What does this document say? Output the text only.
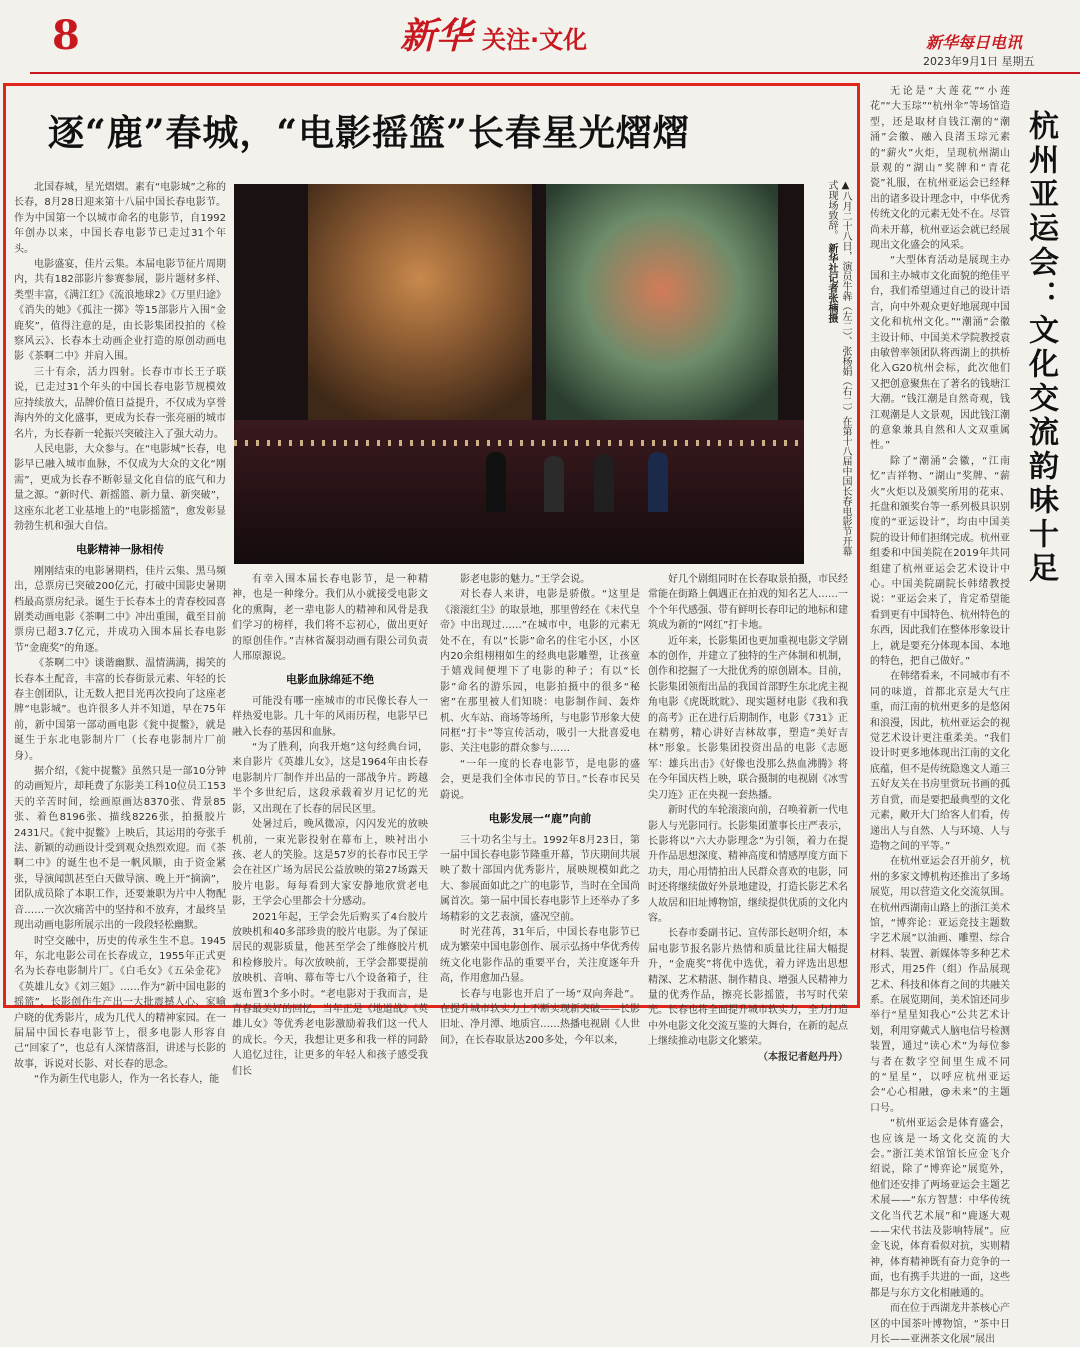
8	新华 关注·文化	新华每日电讯
2023年9月1日 星期五
逐“鹿”春城，“电影摇篮”长春星光熠熠

北国春城，星光熠熠。素有“电影城”之称的长春，8月28日迎来第十八届中国长春电影节。作为中国第一个以城市命名的电影节，自1992年创办以来，中国长春电影节已走过31个年头。

电影盛宴，佳片云集。本届电影节征片周期内，共有182部影片参赛参展，影片题材多样、类型丰富，《满江红》《流浪地球2》《万里归途》《消失的她》《孤注一掷》等15部影片入围“金鹿奖”，值得注意的是，由长影集团投拍的《检察风云》、长春本土动画企业打造的原创动画电影《茶啊二中》并肩入围。

三十有余，活力四射。长春市市长王子联说，已走过31个年头的中国长春电影节规模效应持续放大，品牌价值日益提升，不仅成为享誉海内外的文化盛事，更成为长春一张亮丽的城市名片，为长春新一轮振兴突破注入了强大动力。

人民电影，大众参与。在“电影城”长春，电影早已融入城市血脉，不仅成为大众的文化“刚需”，更成为长春不断彰显文化自信的底气和力量之源。“新时代、新摇篮、新力量、新突破”，这座东北老工业基地上的“电影摇篮”，愈发彰显勃勃生机和强大自信。

电影精神一脉相传

刚刚结束的电影暑期档，佳片云集、黑马频出，总票房已突破200亿元，打破中国影史暑期档最高票房纪录。诞生于长春本土的青春校园喜剧类动画电影《茶啊二中》冲出重围，截至目前票房已超3.7亿元，并成功入围本届长春电影节“金鹿奖”的角逐。

《茶啊二中》谈谐幽默、温情满满，揭笑的长春本土配音，丰富的长春街景元素、年轻的长春主创团队，让无数人把目光再次投向了这座老牌“电影城”。也许很多人并不知道，早在75年前，新中国第一部动画电影《瓮中捉鳖》，就是诞生于东北电影制片厂（长春电影制片厂前身）。

据介绍，《瓮中捉鳖》虽然只是一部10分钟的动画短片，却耗费了东影美工科10位员工153天的辛苦时间，绘画原画达8370张、背景85张、着色8196张、描线8226张，拍摄胶片2431尺。《瓮中捉鳖》上映后，其运用的夸张手法、新颖的动画设计受到观众热烈欢迎。而《茶啊二中》的诞生也不是一帆风顺，由于资金紧张，导演闻凯甚至白天做导演、晚上开“摘滴”，团队成员除了本职工作，还要兼职为片中人物配音……一次次痛苦中的坚持和不放弃，才最终呈现出动画电影所展示出的一段段轻松幽默。

时空交融中，历史的传承生生不息。1945年，东北电影公司在长春成立，1955年正式更名为长春电影制片厂。《白毛女》《五朵金花》《英雄儿女》《刘三姐》……作为“新中国电影的摇篮”，长影创作生产出一大批震撼人心、家喻户晓的优秀影片，成为几代人的精神家园。在一届届中国长春电影节上，很多电影人形容自己“回家了”，也总有人深情落泪，讲述与长影的故事，诉说对长影、对长春的思念。

“作为新生代电影人，作为一名长春人，能

▲八月二十八日，演员牛犇（左二）、张杨娟（右二）在第十八届中国长春电影节开幕式现场致辞。 新华社记者张楠摄

有幸入围本届长春电影节，是一种精神，也是一种缘分。我们从小就接受电影文化的熏陶，老一辈电影人的精神和风骨是我们学习的榜样，我们将不忘初心，做出更好的原创佳作。”吉林省凝羽动画有限公司负责人邢原源说。

电影血脉绵延不绝

可能没有哪一座城市的市民像长春人一样热爱电影。几十年的风雨历程，电影早已融入长春的基因和血脉。

“为了胜利，向我开炮”这句经典台词，来自影片《英雄儿女》，这是1964年由长春电影制片厂制作并出品的一部战争片。跨越半个多世纪后，这段承载着岁月记忆的光影，又出现在了长春的居民区里。

处暑过后，晚风微凉，闪闪发光的放映机前，一束光影投射在幕布上，映衬出小孩、老人的笑脸。这是57岁的长春市民王学会在社区广场为居民公益放映的第27场露天胶片电影。每每看到大家安静地欣赏老电影，王学会心里都会十分感动。

2021年起，王学会先后购买了4台胶片放映机和40多部珍贵的胶片电影。为了保证居民的观影质量，他甚至学会了维修胶片机和检修胶片。每次放映前，王学会都要提前放映机、音响、幕布等七八个设备箱子，往返布置3个多小时。“老电影对于我而言，是青春最美好的回忆，当年正是《地道战》《英雄儿女》等优秀老电影激励着我们这一代人的成长。今天，我想让更多和我一样的同龄人追忆过往，让更多的年轻人和孩子感受我们长

影老电影的魅力。”王学会说。

对长春人来讲，电影是骄傲。“这里是《滚滚红尘》的取景地，那里曾经在《末代皇帝》中出现过……”在城市中，电影的元素无处不在，有以“长影”命名的住宅小区，小区内20余组栩栩如生的经典电影雕塑，让孩童于嬉戏间便埋下了电影的种子；有以“长影”命名的游乐园，电影拍摄中的很多“秘密”在那里被人们知晓：电影制作间、轰炸机、火车站、商场等场所，与电影节形象大使同框“打卡”等宣传活动，吸引一大批喜爱电影、关注电影的群众参与……

“一年一度的长春电影节，是电影的盛会，更是我们全体市民的节日。”长春市民吴蔚说。

电影发展一“鹿”向前

三十功名尘与土。1992年8月23日，第一届中国长春电影节隆重开幕，节庆期间共展映了数十部国内优秀影片，展映规模如此之大、参展面如此之广的电影节，当时在全国尚属首次。第一届中国长春电影节上还举办了多场精彩的文艺表演，盛况空前。

时光荏苒，31年后，中国长春电影节已成为繁荣中国电影创作、展示弘扬中华优秀传统文化电影作品的重要平台，关注度逐年升高，作用愈加凸显。

长春与电影也开启了一场“双向奔赴”。在提升城市软实力上不断实现新突破——长影旧址、净月潭、地质宫……热播电视剧《人世间》，在长春取景达200多处，今年以来，

好几个剧组同时在长春取景拍摄，市民经常能在街路上偶遇正在拍戏的知名艺人……一个个年代感强、带有鲜明长春印记的地标和建筑成为新的“网红”打卡地。

近年来，长影集团也更加重视电影文学剧本的创作，并建立了独特的生产体制和机制，创作和挖掘了一大批优秀的原创剧本。目前，长影集团领衔出品的我国首部野生东北虎主视角电影《虎既眈眈》、现实题材电影《我和我的高考》正在进行后期制作，电影《731》正在精剪，精心讲好吉林故事，塑造“美好吉林”形象。长影集团投资出品的电影《志愿军：雄兵出击》《好像也没那么热血沸腾》将在今年国庆档上映，联合摄制的电视剧《冰雪尖刀连》正在央视一套热播。

新时代的车轮滚滚向前，召唤着新一代电影人与光影同行。长影集团董事长庄严表示，长影将以“六大办影理念”为引领，着力在提升作品思想深度、精神高度和情感厚度方面下功夫，用心用情拍出人民群众喜欢的电影，同时还将继续做好外景地建设，打造长影艺术名人故居和旧址博物馆，继续提供优质的文化内容。

长春市委副书记、宣传部长赵明介绍，本届电影节报名影片热情和质量比往届大幅提升，“金鹿奖”将优中选优，着力评选出思想精深、艺术精湛、制作精良、增强人民精神力量的优秀作品，擦亮长影摇篮，书写时代荣光。长春也将全面提升城市软实力，全力打造中外电影文化交流互鉴的大舞台，在新的起点上继续推动电影文化繁荣。

（本报记者赵丹丹）

杭州亚运会：文化交流韵味十足

无论是“大莲花”“小莲花”“大玉琮”“杭州伞”等场馆造型，还是取材自钱江潮的“潮涌”会徽、融入良渚玉琮元素的“薪火”火炬，呈现杭州湖山景观的“湖山”奖牌和“青花瓷”礼服，在杭州亚运会已经释出的诸多设计理念中，中华优秀传统文化的元素无处不在。尽管尚未开幕，杭州亚运会就已经展现出文化盛会的风采。

“大型体育活动是展现主办国和主办城市文化面貌的绝佳平台，我们希望通过自己的设计语言，向中外观众更好地展现中国文化和杭州文化。”“潮涌”会徽主设计师、中国美术学院教授袁由敏曾率领团队将西湖上的拱桥化入G20杭州会标，此次他们又把创意聚焦在了著名的钱塘江大潮。“钱江潮是自然奇观，钱江观潮是人文景观，因此钱江潮的意象兼具自然和人文双重属性。”

除了“潮涌”会徽，“江南忆”吉祥物、“湖山”奖牌、“薪火”火炬以及颁奖所用的花束、托盘和颁奖台等一系列极具识别度的“亚运设计”，均由中国美院的设计师们担纲完成。杭州亚组委和中国美院在2019年共同组建了杭州亚运会艺术设计中心。中国美院副院长韩绪教授说：“亚运会来了，肯定希望能看到更有中国特色、杭州特色的东西，因此我们在整体形象设计上，就是要充分体现本国、本地的特色，把自己做好。”

在韩绪看来，不同城市有不同的味道，首都北京是大气庄重，而江南的杭州更多的是悠闲和浪漫，因此，杭州亚运会的视觉艺术设计更注重柔美。“我们设计时更多地体现出江南的文化底蕴，但不是传统隐逸文人遁三五好友关在书房里赏玩书画的孤芳自赏，而是要把最典型的文化元素，敞开大门给客人们看，传递出人与自然、人与环境、人与造物之间的平等。”

在杭州亚运会召开前夕，杭州的多家文博机构还推出了多场展览，用以营造文化交流氛围。在杭州西湖南山路上的浙江美术馆，“博弈论：亚运竞技主题数字艺术展”以油画、雕塑、综合材料、装置、新媒体等多种艺术形式，用25件（组）作品展现艺术、科技和体育之间的共融关系。在展览期间，美术馆还同步举行“星星知我心”公共艺术计划，利用穿戴式人脑电信号检测装置，通过“读心术”为每位参与者在数字空间里生成不同的“星星”，以呼应杭州亚运会“心心相融，@未来”的主题口号。

“杭州亚运会是体育盛会，也应该是一场文化交流的大会。”浙江美术馆馆长应金飞介绍说，除了“博弈论”展览外，他们还安排了两场亚运会主题艺术展——“东方智慧：中华传统文化当代艺术展”和“鹿逐大观——宋代书法及影响特展”。应金飞说，体育看似对抗，实则精神，体育精神既有奋力竞争的一面，也有携手共进的一面，这些都是与东方文化相融通的。

而在位于西湖龙井茶核心产区的中国茶叶博物馆，“茶中日月长——亚洲茶文化展”展出
